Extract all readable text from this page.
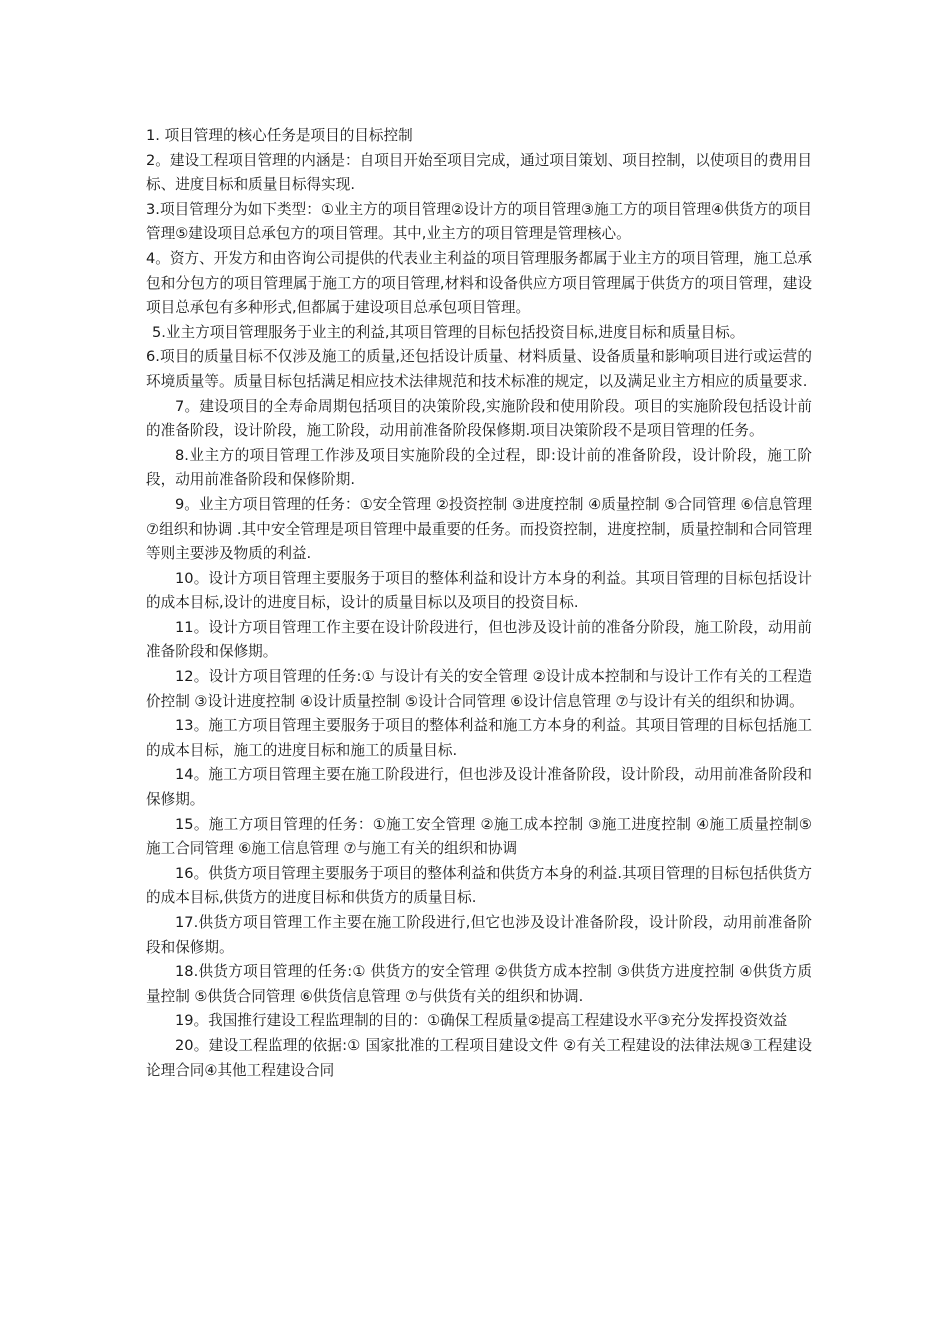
1. 项目管理的核心任务是项目的目标控制

2。建设工程项目管理的内涵是：自项目开始至项目完成，通过项目策划、项目控制，以使项目的费用目标、进度目标和质量目标得实现.

3.项目管理分为如下类型：①业主方的项目管理②设计方的项目管理③施工方的项目管理④供货方的项目管理⑤建设项目总承包方的项目管理。其中,业主方的项目管理是管理核心。

4。资方、开发方和由咨询公司提供的代表业主利益的项目管理服务都属于业主方的项目管理，施工总承包和分包方的项目管理属于施工方的项目管理,材料和设备供应方项目管理属于供货方的项目管理，建设项目总承包有多种形式,但都属于建设项目总承包项目管理。

5.业主方项目管理服务于业主的利益,其项目管理的目标包括投资目标,进度目标和质量目标。

6.项目的质量目标不仅涉及施工的质量,还包括设计质量、材料质量、设备质量和影响项目进行或运营的环境质量等。质量目标包括满足相应技术法律规范和技术标准的规定，以及满足业主方相应的质量要求.

7。建设项目的全寿命周期包括项目的决策阶段,实施阶段和使用阶段。项目的实施阶段包括设计前的准备阶段，设计阶段，施工阶段，动用前准备阶段保修期.项目决策阶段不是项目管理的任务。

8.业主方的项目管理工作涉及项目实施阶段的全过程，即:设计前的准备阶段，设计阶段，施工阶段，动用前准备阶段和保修阶期.

9。业主方项目管理的任务：①安全管理 ②投资控制 ③进度控制 ④质量控制 ⑤合同管理 ⑥信息管理 ⑦组织和协调 .其中安全管理是项目管理中最重要的任务。而投资控制，进度控制，质量控制和合同管理等则主要涉及物质的利益.

10。设计方项目管理主要服务于项目的整体利益和设计方本身的利益。其项目管理的目标包括设计的成本目标,设计的进度目标，设计的质量目标以及项目的投资目标.

11。设计方项目管理工作主要在设计阶段进行，但也涉及设计前的准备分阶段，施工阶段，动用前准备阶段和保修期。

12。设计方项目管理的任务:① 与设计有关的安全管理 ②设计成本控制和与设计工作有关的工程造价控制 ③设计进度控制 ④设计质量控制 ⑤设计合同管理 ⑥设计信息管理 ⑦与设计有关的组织和协调。

13。施工方项目管理主要服务于项目的整体利益和施工方本身的利益。其项目管理的目标包括施工的成本目标，施工的进度目标和施工的质量目标.

14。施工方项目管理主要在施工阶段进行，但也涉及设计准备阶段，设计阶段，动用前准备阶段和保修期。

15。施工方项目管理的任务：①施工安全管理 ②施工成本控制 ③施工进度控制 ④施工质量控制⑤施工合同管理 ⑥施工信息管理 ⑦与施工有关的组织和协调

16。供货方项目管理主要服务于项目的整体利益和供货方本身的利益.其项目管理的目标包括供货方的成本目标,供货方的进度目标和供货方的质量目标.

17.供货方项目管理工作主要在施工阶段进行,但它也涉及设计准备阶段，设计阶段，动用前准备阶段和保修期。

18.供货方项目管理的任务:① 供货方的安全管理 ②供货方成本控制 ③供货方进度控制 ④供货方质量控制 ⑤供货合同管理 ⑥供货信息管理 ⑦与供货有关的组织和协调.

19。我国推行建设工程监理制的目的：①确保工程质量②提高工程建设水平③充分发挥投资效益

20。建设工程监理的依据:① 国家批准的工程项目建设文件 ②有关工程建设的法律法规③工程建设论理合同④其他工程建设合同
